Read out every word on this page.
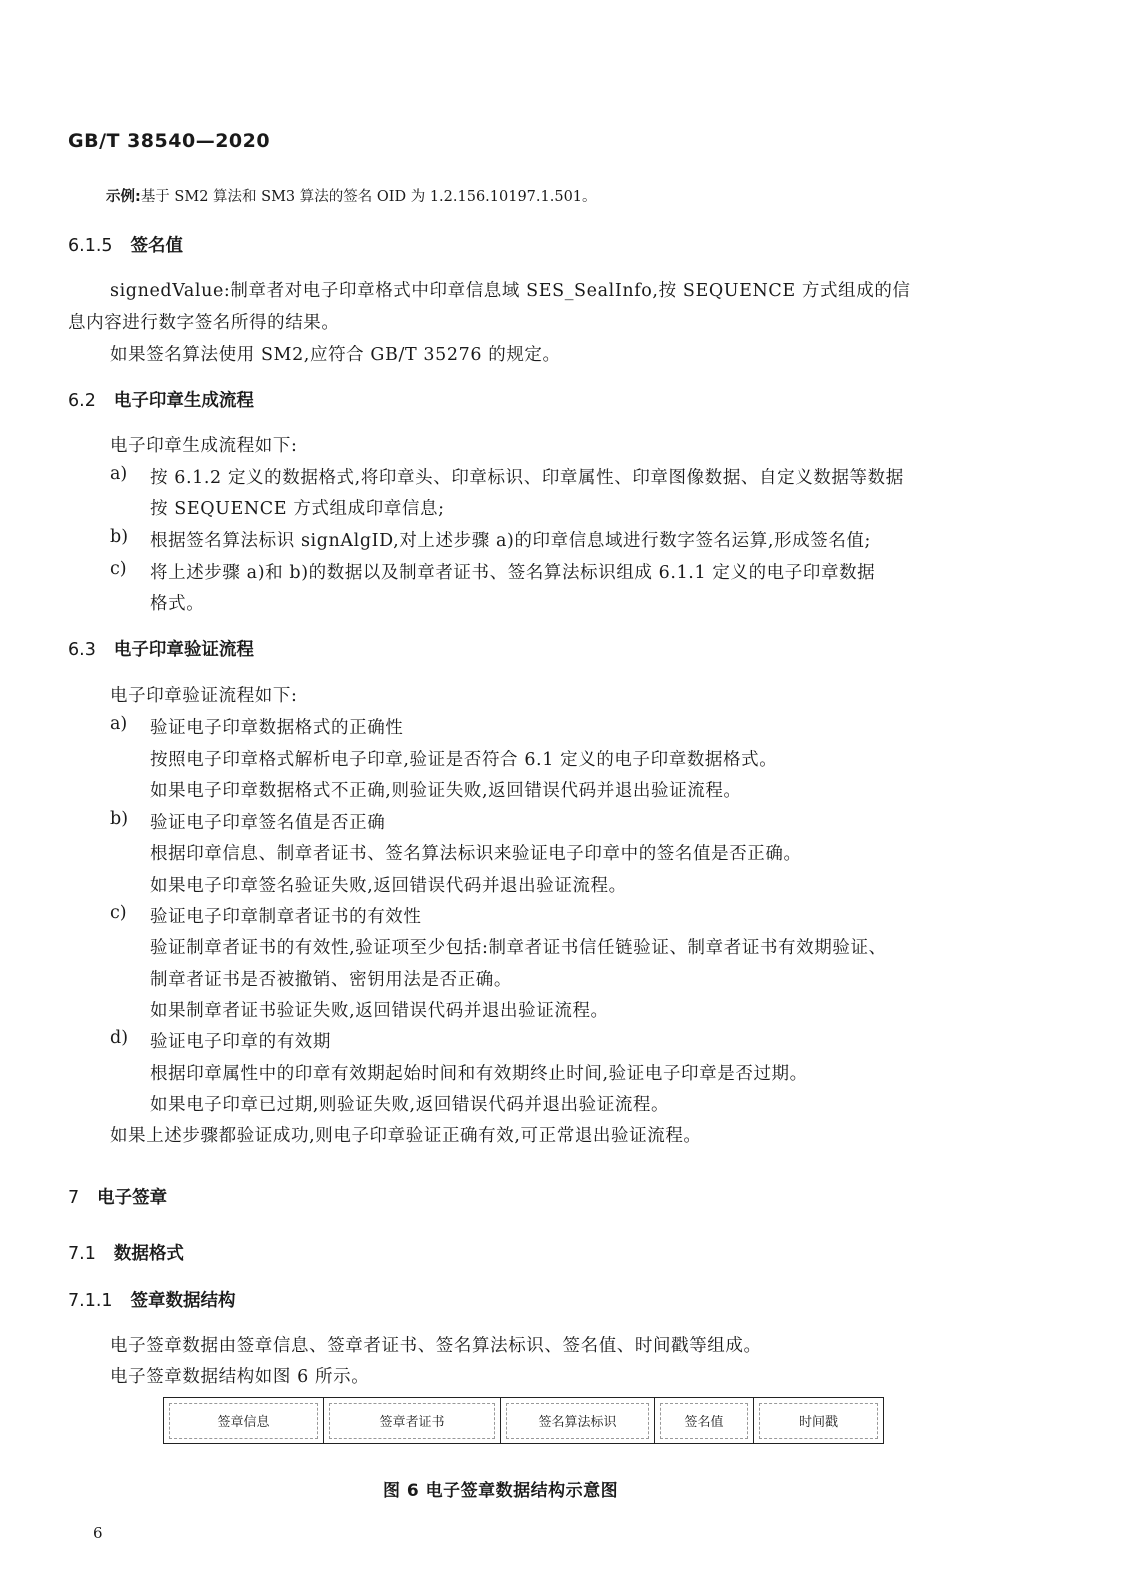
GB/T 38540—2020
示例:基于 SM2 算法和 SM3 算法的签名 OID 为 1.2.156.10197.1.501。
6.1.5 签名值
signedValue:制章者对电子印章格式中印章信息域 SES_SealInfo,按 SEQUENCE 方式组成的信
息内容进行数字签名所得的结果。
如果签名算法使用 SM2,应符合 GB/T 35276 的规定。
6.2 电子印章生成流程
电子印章生成流程如下:
a) 按 6.1.2 定义的数据格式,将印章头、印章标识、印章属性、印章图像数据、自定义数据等数据
按 SEQUENCE 方式组成印章信息;
b) 根据签名算法标识 signAlgID,对上述步骤 a)的印章信息域进行数字签名运算,形成签名值;
c) 将上述步骤 a)和 b)的数据以及制章者证书、签名算法标识组成 6.1.1 定义的电子印章数据
格式。
6.3 电子印章验证流程
电子印章验证流程如下:
a) 验证电子印章数据格式的正确性
按照电子印章格式解析电子印章,验证是否符合 6.1 定义的电子印章数据格式。
如果电子印章数据格式不正确,则验证失败,返回错误代码并退出验证流程。
b) 验证电子印章签名值是否正确
根据印章信息、制章者证书、签名算法标识来验证电子印章中的签名值是否正确。
如果电子印章签名验证失败,返回错误代码并退出验证流程。
c) 验证电子印章制章者证书的有效性
验证制章者证书的有效性,验证项至少包括:制章者证书信任链验证、制章者证书有效期验证、
制章者证书是否被撤销、密钥用法是否正确。
如果制章者证书验证失败,返回错误代码并退出验证流程。
d) 验证电子印章的有效期
根据印章属性中的印章有效期起始时间和有效期终止时间,验证电子印章是否过期。
如果电子印章已过期,则验证失败,返回错误代码并退出验证流程。
如果上述步骤都验证成功,则电子印章验证正确有效,可正常退出验证流程。
7 电子签章
7.1 数据格式
7.1.1 签章数据结构
电子签章数据由签章信息、签章者证书、签名算法标识、签名值、时间戳等组成。
电子签章数据结构如图 6 所示。
签章信息	签章者证书	签名算法标识	签名值	时间戳
图 6 电子签章数据结构示意图
6
